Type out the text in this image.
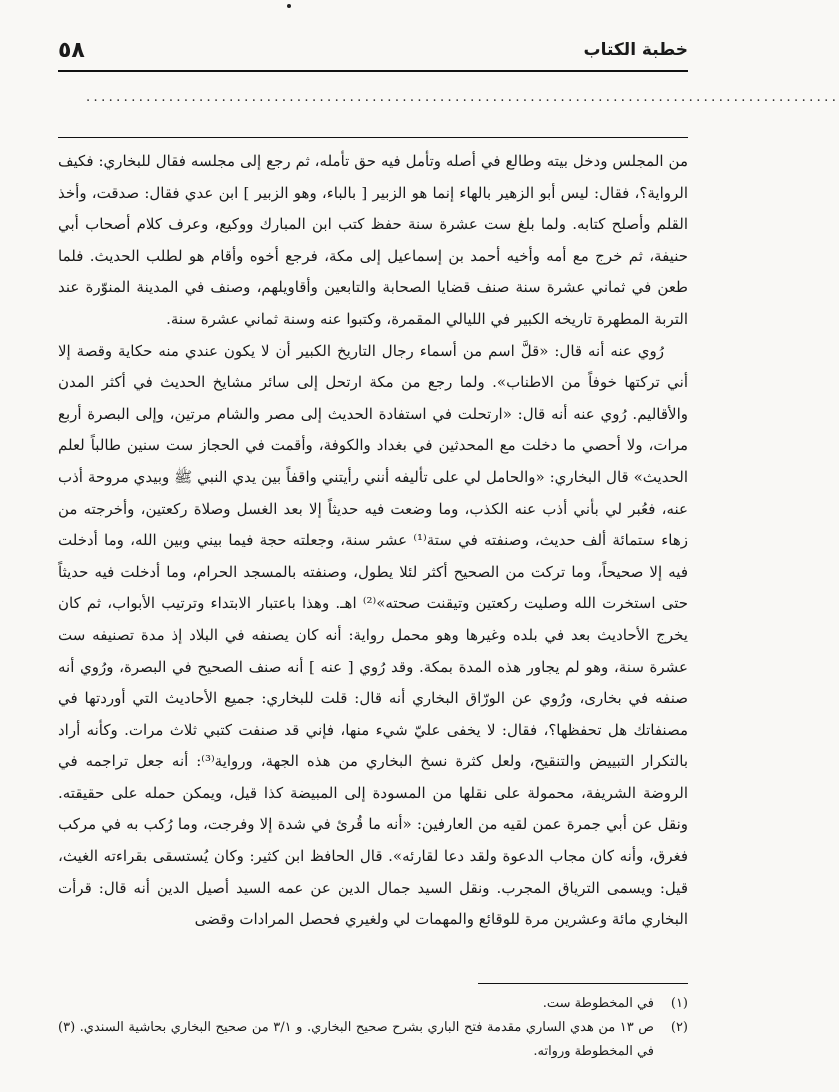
٥٨	خطبة الكتاب
....................................................................................................

من المجلس ودخل بيته وطالع في أصله وتأمل فيه حق تأمله، ثم رجع إلى مجلسه فقال للبخاري: فكيف الرواية؟، فقال: ليس أبو الزهير بالهاء إنما هو الزبير [ بالباء، وهو الزبير ] ابن عدي فقال: صدقت، وأخذ القلم وأصلح كتابه. ولما بلغ ست عشرة سنة حفظ كتب ابن المبارك ووكيع، وعرف كلام أصحاب أبي حنيفة، ثم خرج مع أمه وأخيه أحمد بن إسماعيل إلى مكة، فرجع أخوه وأقام هو لطلب الحديث. فلما طعن في ثماني عشرة سنة صنف قضايا الصحابة والتابعين وأقاويلهم، وصنف في المدينة المنوّرة عند التربة المطهرة تاريخه الكبير في الليالي المقمرة، وكتبوا عنه وسنة ثماني عشرة سنة.

رُوي عنه أنه قال: «قلَّ اسم من أسماء رجال التاريخ الكبير أن لا يكون عندي منه حكاية وقصة إلا أني تركتها خوفاً من الاطناب». ولما رجع من مكة ارتحل إلى سائر مشايخ الحديث في أكثر المدن والأقاليم. رُوي عنه أنه قال: «ارتحلت في استفادة الحديث إلى مصر والشام مرتين، وإلى البصرة أربع مرات، ولا أحصي ما دخلت مع المحدثين في بغداد والكوفة، وأقمت في الحجاز ست سنين طالباً لعلم الحديث» قال البخاري: «والحامل لي على تأليفه أنني رأيتني واقفاً بين يدي النبي ﷺ وبيدي مروحة أذب عنه، فعُبر لي بأني أذب عنه الكذب، وما وضعت فيه حديثاً إلا بعد الغسل وصلاة ركعتين، وأخرجته من زهاء ستمائة ألف حديث، وصنفته في ستة⁽¹⁾ عشر سنة، وجعلته حجة فيما بيني وبين الله، وما أدخلت فيه إلا صحيحاً، وما تركت من الصحيح أكثر لئلا يطول، وصنفته بالمسجد الحرام، وما أدخلت فيه حديثاً حتى استخرت الله وصليت ركعتين وتيقنت صحته»⁽²⁾ اهـ. وهذا باعتبار الابتداء وترتيب الأبواب، ثم كان يخرج الأحاديث بعد في بلده وغيرها وهو محمل رواية: أنه كان يصنفه في البلاد إذ مدة تصنيفه ست عشرة سنة، وهو لم يجاور هذه المدة بمكة. وقد رُوي [ عنه ] أنه صنف الصحيح في البصرة، ورُوي أنه صنفه في بخارى، ورُوي عن الورّاق البخاري أنه قال: قلت للبخاري: جميع الأحاديث التي أوردتها في مصنفاتك هل تحفظها؟، فقال: لا يخفى عليّ شيء منها، فإني قد صنفت كتبي ثلاث مرات. وكأنه أراد بالتكرار التبييض والتنقيح، ولعل كثرة نسخ البخاري من هذه الجهة، ورواية⁽³⁾: أنه جعل تراجمه في الروضة الشريفة، محمولة على نقلها من المسودة إلى المبيضة كذا قيل، ويمكن حمله على حقيقته. ونقل عن أبي جمرة عمن لقيه من العارفين: «أنه ما قُرئ في شدة إلا وفرجت، وما رُكب به في مركب فغرق، وأنه كان مجاب الدعوة ولقد دعا لقارئه». قال الحافظ ابن كثير: وكان يُستسقى بقراءته الغيث، قيل: ويسمى الترياق المجرب. ونقل السيد جمال الدين عن عمه السيد أصيل الدين أنه قال: قرأت البخاري مائة وعشرين مرة للوقائع والمهمات لي ولغيري فحصل المرادات وقضى

(١)
في المخطوطة ست.
(٢)
ص ١٣ من هدي الساري مقدمة فتح الباري بشرح صحيح البخاري. و ٣/١ من صحيح البخاري بحاشية السندي. (٣) في المخطوطة ورواته.
